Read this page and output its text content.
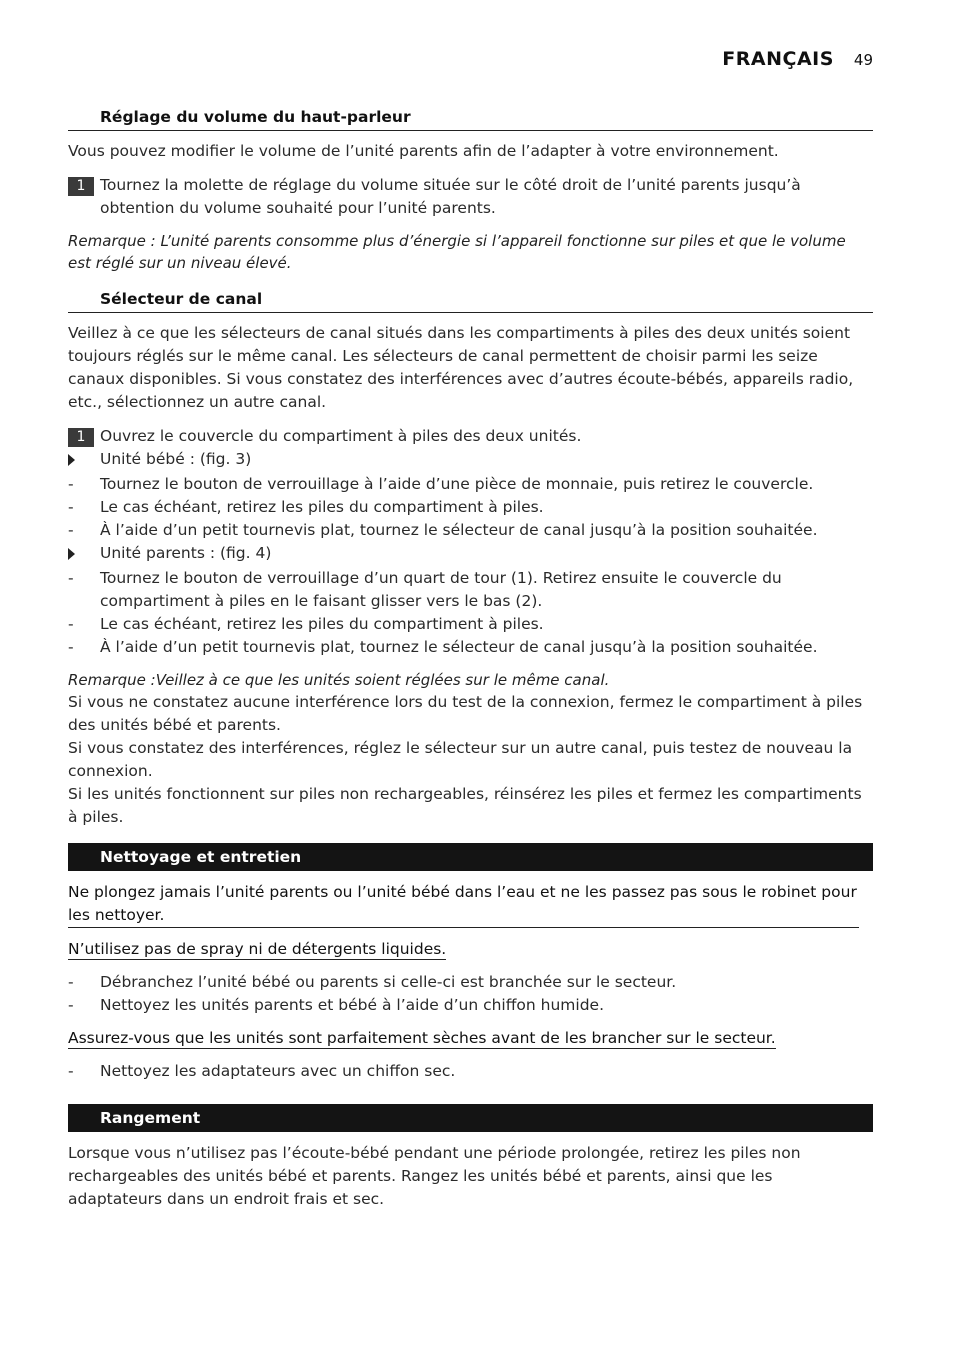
FRANÇAIS 49
Réglage du volume du haut-parleur

Vous pouvez modifier le volume de l’unité parents afin de l’adapter à votre environnement.

1 Tournez la molette de réglage du volume située sur le côté droit de l’unité parents jusqu’à obtention du volume souhaité pour l’unité parents.

Remarque : L’unité parents consomme plus d’énergie si l’appareil fonctionne sur piles et que le volume est réglé sur un niveau élevé.

Sélecteur de canal

Veillez à ce que les sélecteurs de canal situés dans les compartiments à piles des deux unités soient toujours réglés sur le même canal. Les sélecteurs de canal permettent de choisir parmi les seize canaux disponibles. Si vous constatez des interférences avec d’autres écoute-bébés, appareils radio, etc., sélectionnez un autre canal.

1 Ouvrez le couvercle du compartiment à piles des deux unités.
Unité bébé : (fig. 3)
-	Tournez le bouton de verrouillage à l’aide d’une pièce de monnaie, puis retirez le couvercle.
-	Le cas échéant, retirez les piles du compartiment à piles.
-	À l’aide d’un petit tournevis plat, tournez le sélecteur de canal jusqu’à la position souhaitée.
Unité parents : (fig. 4)
-	Tournez le bouton de verrouillage d’un quart de tour (1). Retirez ensuite le couvercle du compartiment à piles en le faisant glisser vers le bas (2).
-	Le cas échéant, retirez les piles du compartiment à piles.
-	À l’aide d’un petit tournevis plat, tournez le sélecteur de canal jusqu’à la position souhaitée.

Remarque :Veillez à ce que les unités soient réglées sur le même canal.

Si vous ne constatez aucune interférence lors du test de la connexion, fermez le compartiment à piles des unités bébé et parents.

Si vous constatez des interférences, réglez le sélecteur sur un autre canal, puis testez de nouveau la connexion.

Si les unités fonctionnent sur piles non rechargeables, réinsérez les piles et fermez les compartiments à piles.

Nettoyage et entretien

Ne plongez jamais l’unité parents ou l’unité bébé dans l’eau et ne les passez pas sous le robinet pour les nettoyer.

N’utilisez pas de spray ni de détergents liquides.

-	Débranchez l’unité bébé ou parents si celle-ci est branchée sur le secteur.
-	Nettoyez les unités parents et bébé à l’aide d’un chiffon humide.

Assurez-vous que les unités sont parfaitement sèches avant de les brancher sur le secteur.

-	Nettoyez les adaptateurs avec un chiffon sec.
Rangement

Lorsque vous n’utilisez pas l’écoute-bébé pendant une période prolongée, retirez les piles non rechargeables des unités bébé et parents. Rangez les unités bébé et parents, ainsi que les adaptateurs dans un endroit frais et sec.
